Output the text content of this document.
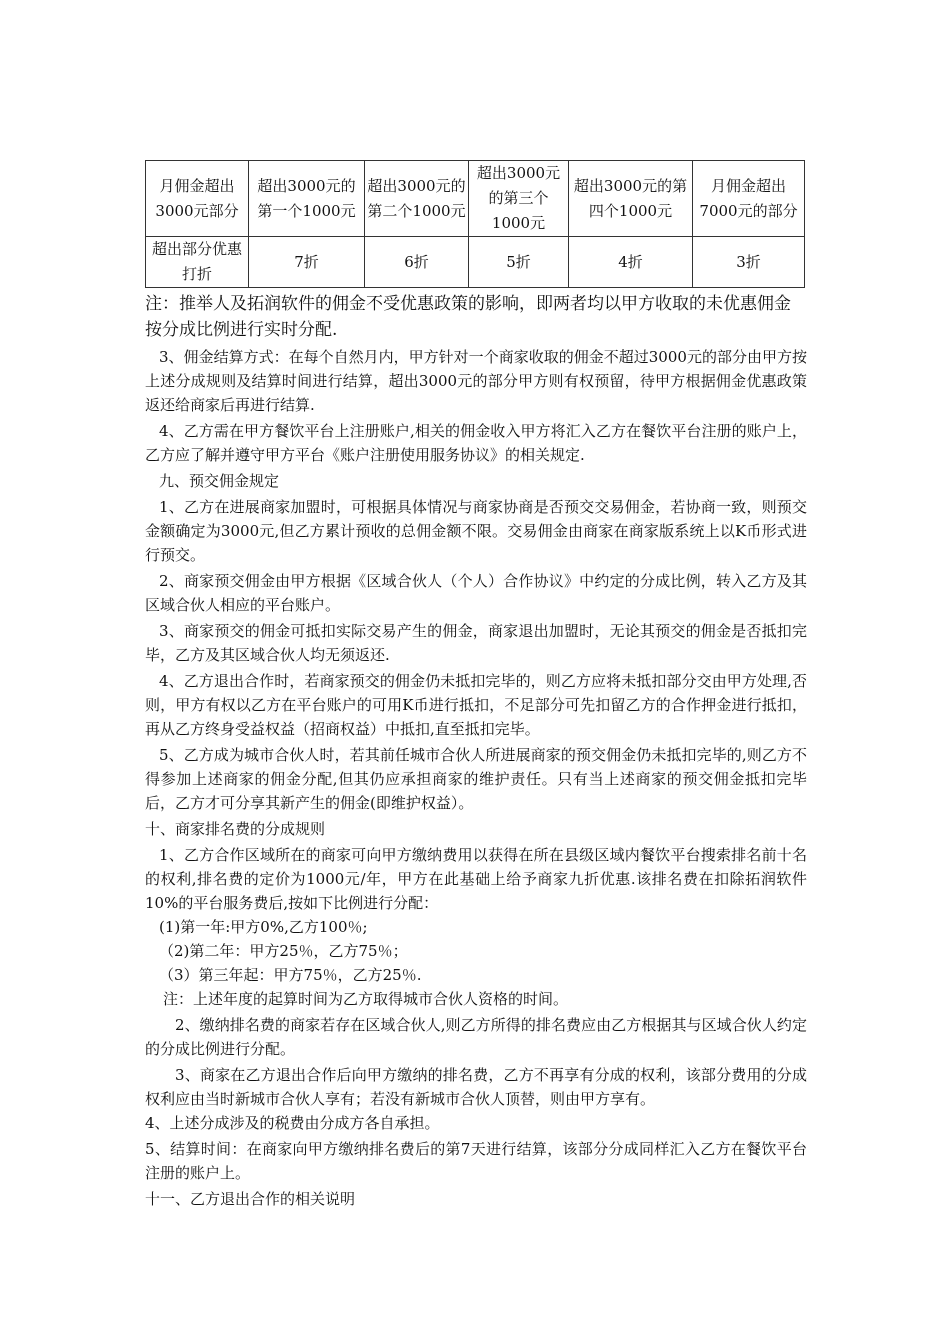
月佣金超出3000元部分	超出3000元的第一个1000元	超出3000元的第二个1000元	超出3000元的第三个1000元	超出3000元的第四个1000元	月佣金超出7000元的部分
超出部分优惠打折	7折	6折	5折	4折	3折
注：推举人及拓润软件的佣金不受优惠政策的影响，即两者均以甲方收取的未优惠佣金按分成比例进行实时分配.

3、佣金结算方式：在每个自然月内，甲方针对一个商家收取的佣金不超过3000元的部分由甲方按上述分成规则及结算时间进行结算，超出3000元的部分甲方则有权预留，待甲方根据佣金优惠政策返还给商家后再进行结算.

4、乙方需在甲方餐饮平台上注册账户,相关的佣金收入甲方将汇入乙方在餐饮平台注册的账户上，乙方应了解并遵守甲方平台《账户注册使用服务协议》的相关规定.

九、预交佣金规定

1、乙方在进展商家加盟时，可根据具体情况与商家协商是否预交交易佣金，若协商一致，则预交金额确定为3000元,但乙方累计预收的总佣金额不限。交易佣金由商家在商家版系统上以K币形式进行预交。

2、商家预交佣金由甲方根据《区域合伙人（个人）合作协议》中约定的分成比例，转入乙方及其区域合伙人相应的平台账户。

3、商家预交的佣金可抵扣实际交易产生的佣金，商家退出加盟时，无论其预交的佣金是否抵扣完毕，乙方及其区域合伙人均无须返还.

4、乙方退出合作时，若商家预交的佣金仍未抵扣完毕的，则乙方应将未抵扣部分交由甲方处理,否则，甲方有权以乙方在平台账户的可用K币进行抵扣，不足部分可先扣留乙方的合作押金进行抵扣，再从乙方终身受益权益（招商权益）中抵扣,直至抵扣完毕。

5、乙方成为城市合伙人时，若其前任城市合伙人所进展商家的预交佣金仍未抵扣完毕的,则乙方不得参加上述商家的佣金分配,但其仍应承担商家的维护责任。只有当上述商家的预交佣金抵扣完毕后，乙方才可分享其新产生的佣金(即维护权益）。

十、商家排名费的分成规则

1、乙方合作区域所在的商家可向甲方缴纳费用以获得在所在县级区域内餐饮平台搜索排名前十名的权利,排名费的定价为1000元/年，甲方在此基础上给予商家九折优惠.该排名费在扣除拓润软件10%的平台服务费后,按如下比例进行分配：

(1)第一年:甲方0%,乙方100％;

（2)第二年：甲方25％，乙方75％；

（3）第三年起：甲方75％，乙方25％.

注：上述年度的起算时间为乙方取得城市合伙人资格的时间。

2、缴纳排名费的商家若存在区域合伙人,则乙方所得的排名费应由乙方根据其与区域合伙人约定的分成比例进行分配。

3、商家在乙方退出合作后向甲方缴纳的排名费，乙方不再享有分成的权利，该部分费用的分成权利应由当时新城市合伙人享有；若没有新城市合伙人顶替，则由甲方享有。

4、上述分成涉及的税费由分成方各自承担。

5、结算时间：在商家向甲方缴纳排名费后的第7天进行结算，该部分分成同样汇入乙方在餐饮平台注册的账户上。

十一、乙方退出合作的相关说明
